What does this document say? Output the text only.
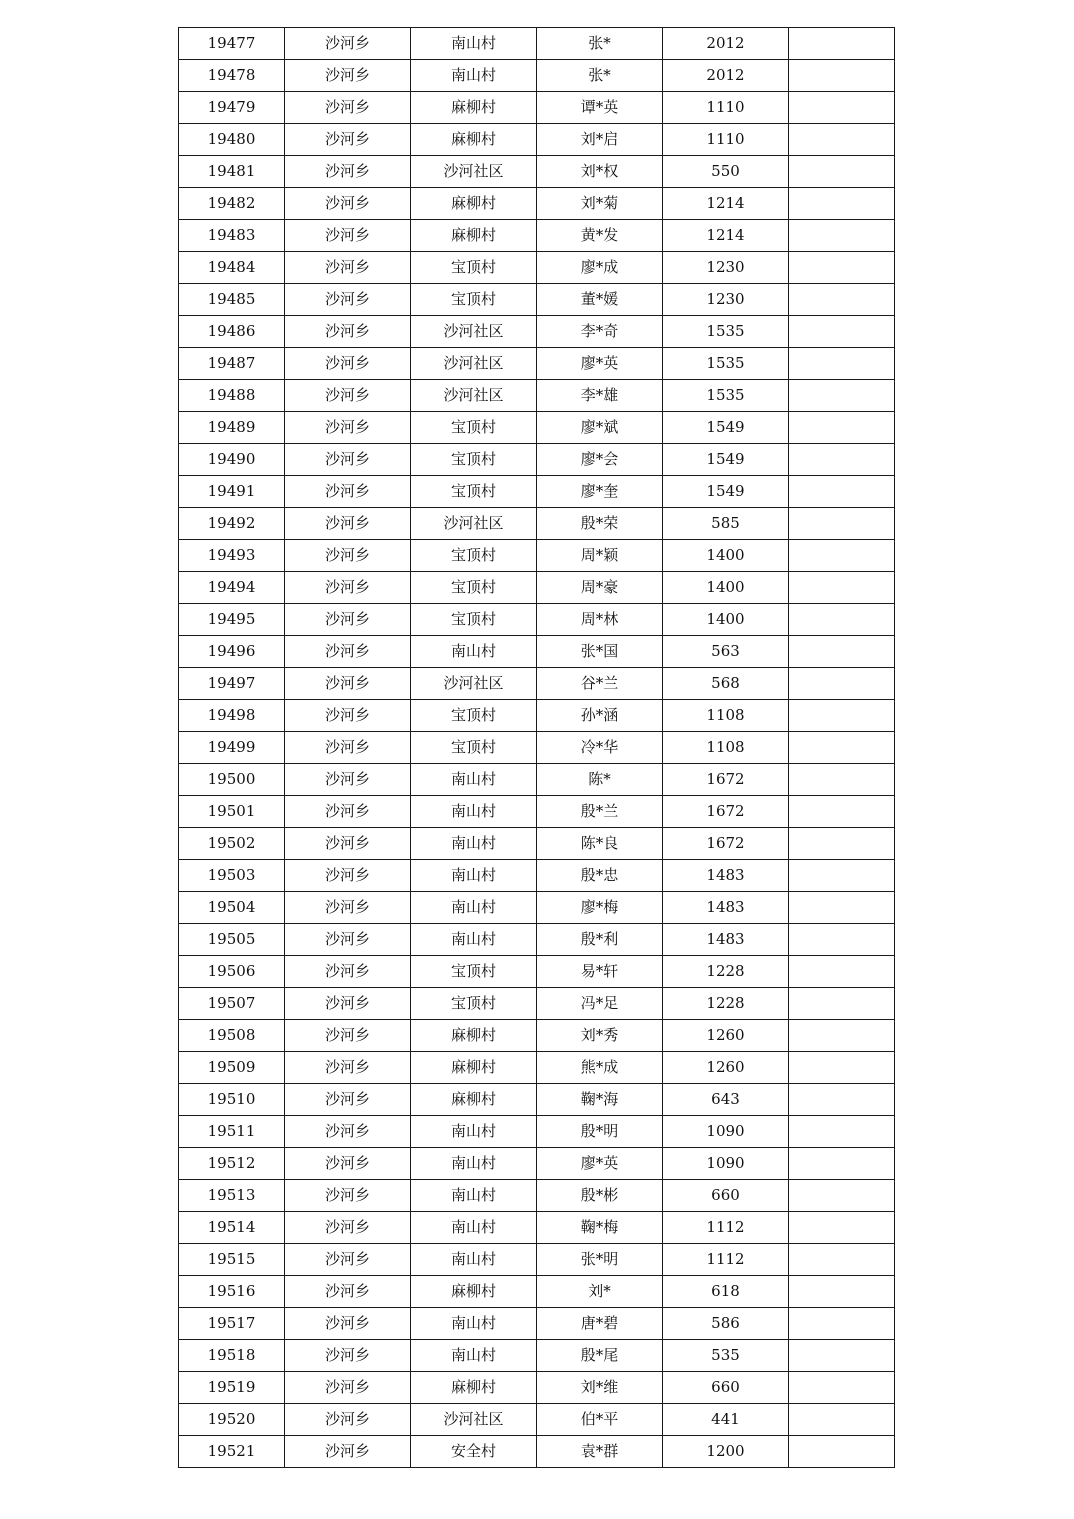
19477	沙河乡	南山村	张*	2012	
19478	沙河乡	南山村	张*	2012	
19479	沙河乡	麻柳村	谭*英	1110	
19480	沙河乡	麻柳村	刘*启	1110	
19481	沙河乡	沙河社区	刘*权	550	
19482	沙河乡	麻柳村	刘*菊	1214	
19483	沙河乡	麻柳村	黄*发	1214	
19484	沙河乡	宝顶村	廖*成	1230	
19485	沙河乡	宝顶村	董*媛	1230	
19486	沙河乡	沙河社区	李*奇	1535	
19487	沙河乡	沙河社区	廖*英	1535	
19488	沙河乡	沙河社区	李*雄	1535	
19489	沙河乡	宝顶村	廖*斌	1549	
19490	沙河乡	宝顶村	廖*会	1549	
19491	沙河乡	宝顶村	廖*奎	1549	
19492	沙河乡	沙河社区	殷*荣	585	
19493	沙河乡	宝顶村	周*颖	1400	
19494	沙河乡	宝顶村	周*豪	1400	
19495	沙河乡	宝顶村	周*林	1400	
19496	沙河乡	南山村	张*国	563	
19497	沙河乡	沙河社区	谷*兰	568	
19498	沙河乡	宝顶村	孙*涵	1108	
19499	沙河乡	宝顶村	冷*华	1108	
19500	沙河乡	南山村	陈*	1672	
19501	沙河乡	南山村	殷*兰	1672	
19502	沙河乡	南山村	陈*良	1672	
19503	沙河乡	南山村	殷*忠	1483	
19504	沙河乡	南山村	廖*梅	1483	
19505	沙河乡	南山村	殷*利	1483	
19506	沙河乡	宝顶村	易*轩	1228	
19507	沙河乡	宝顶村	冯*足	1228	
19508	沙河乡	麻柳村	刘*秀	1260	
19509	沙河乡	麻柳村	熊*成	1260	
19510	沙河乡	麻柳村	鞠*海	643	
19511	沙河乡	南山村	殷*明	1090	
19512	沙河乡	南山村	廖*英	1090	
19513	沙河乡	南山村	殷*彬	660	
19514	沙河乡	南山村	鞠*梅	1112	
19515	沙河乡	南山村	张*明	1112	
19516	沙河乡	麻柳村	刘*	618	
19517	沙河乡	南山村	唐*碧	586	
19518	沙河乡	南山村	殷*尾	535	
19519	沙河乡	麻柳村	刘*维	660	
19520	沙河乡	沙河社区	伯*平	441	
19521	沙河乡	安全村	袁*群	1200	
